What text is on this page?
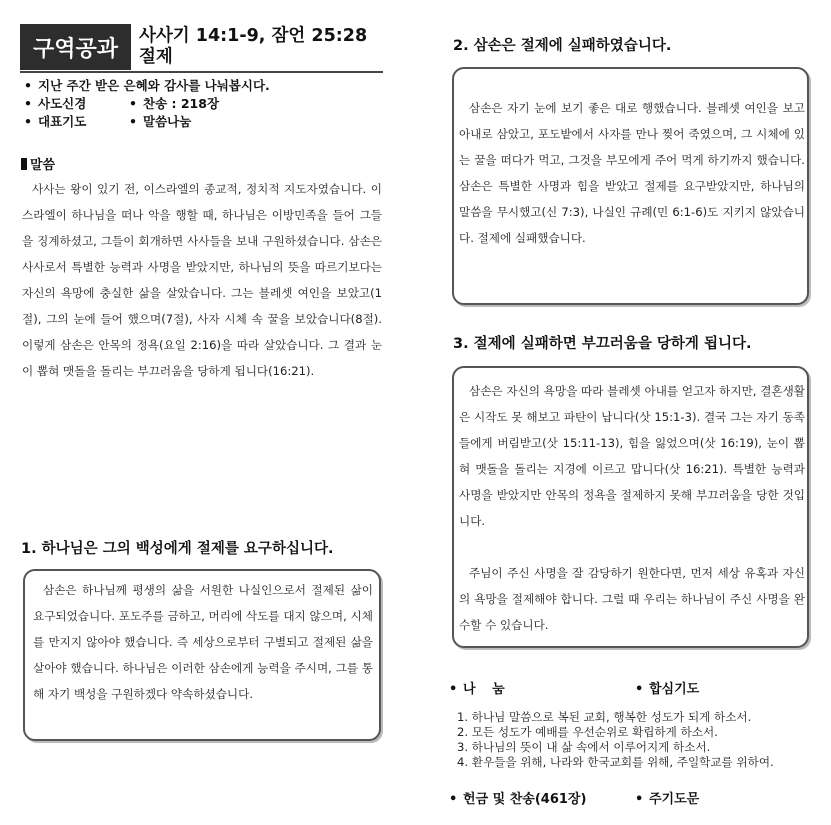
구역공과
사사기 14:1-9, 잠언 25:28 절제
• 지난 주간 받은 은혜와 감사를 나눠봅시다.
• 사도신경	• 찬송 : 218장
• 대표기도	• 말씀나눔
말씀
사사는 왕이 있기 전, 이스라엘의 종교적, 정치적 지도자였습니다. 이스라엘이 하나님을 떠나 악을 행할 때, 하나님은 이방민족을 들어 그들을 징계하셨고, 그들이 회개하면 사사들을 보내 구원하셨습니다. 삼손은 사사로서 특별한 능력과 사명을 받았지만, 하나님의 뜻을 따르기보다는 자신의 욕망에 충실한 삶을 살았습니다. 그는 블레셋 여인을 보았고(1절), 그의 눈에 들어 했으며(7절), 사자 시체 속 꿀을 보았습니다(8절). 이렇게 삼손은 안목의 정욕(요일 2:16)을 따라 살았습니다. 그 결과 눈이 뽑혀 맷돌을 돌리는 부끄러움을 당하게 됩니다(16:21).
1. 하나님은 그의 백성에게 절제를 요구하십니다.
삼손은 하나님께 평생의 삶을 서원한 나실인으로서 절제된 삶이 요구되었습니다. 포도주를 금하고, 머리에 삭도를 대지 않으며, 시체를 만지지 않아야 했습니다. 즉 세상으로부터 구별되고 절제된 삶을 살아야 했습니다. 하나님은 이러한 삼손에게 능력을 주시며, 그를 통해 자기 백성을 구원하겠다 약속하셨습니다.
2. 삼손은 절제에 실패하였습니다.
삼손은 자기 눈에 보기 좋은 대로 행했습니다. 블레셋 여인을 보고 아내로 삼았고, 포도밭에서 사자를 만나 찢어 죽였으며, 그 시체에 있는 꿀을 떠다가 먹고, 그것을 부모에게 주어 먹게 하기까지 했습니다. 삼손은 특별한 사명과 힘을 받았고 절제를 요구받았지만, 하나님의 말씀을 무시했고(신 7:3), 나실인 규례(민 6:1-6)도 지키지 않았습니다. 절제에 실패했습니다.
3. 절제에 실패하면 부끄러움을 당하게 됩니다.
삼손은 자신의 욕망을 따라 블레셋 아내를 얻고자 하지만, 결혼생활은 시작도 못 해보고 파탄이 납니다(삿 15:1-3). 결국 그는 자기 동족들에게 버림받고(삿 15:11-13), 힘을 잃었으며(삿 16:19), 눈이 뽑혀 맷돌을 돌리는 지경에 이르고 맙니다(삿 16:21). 특별한 능력과 사명을 받았지만 안목의 정욕을 절제하지 못해 부끄러움을 당한 것입니다.
주님이 주신 사명을 잘 감당하기 원한다면, 먼저 세상 유혹과 자신의 욕망을 절제해야 합니다. 그럴 때 우리는 하나님이 주신 사명을 완수할 수 있습니다.
• 나 눔	• 합심기도
1. 하나님 말씀으로 복된 교회, 행복한 성도가 되게 하소서.
2. 모든 성도가 예배를 우선순위로 확립하게 하소서.
3. 하나님의 뜻이 내 삶 속에서 이루어지게 하소서.
4. 환우들을 위해, 나라와 한국교회를 위해, 주일학교를 위하여.
• 헌금 및 찬송(461장)	• 주기도문
